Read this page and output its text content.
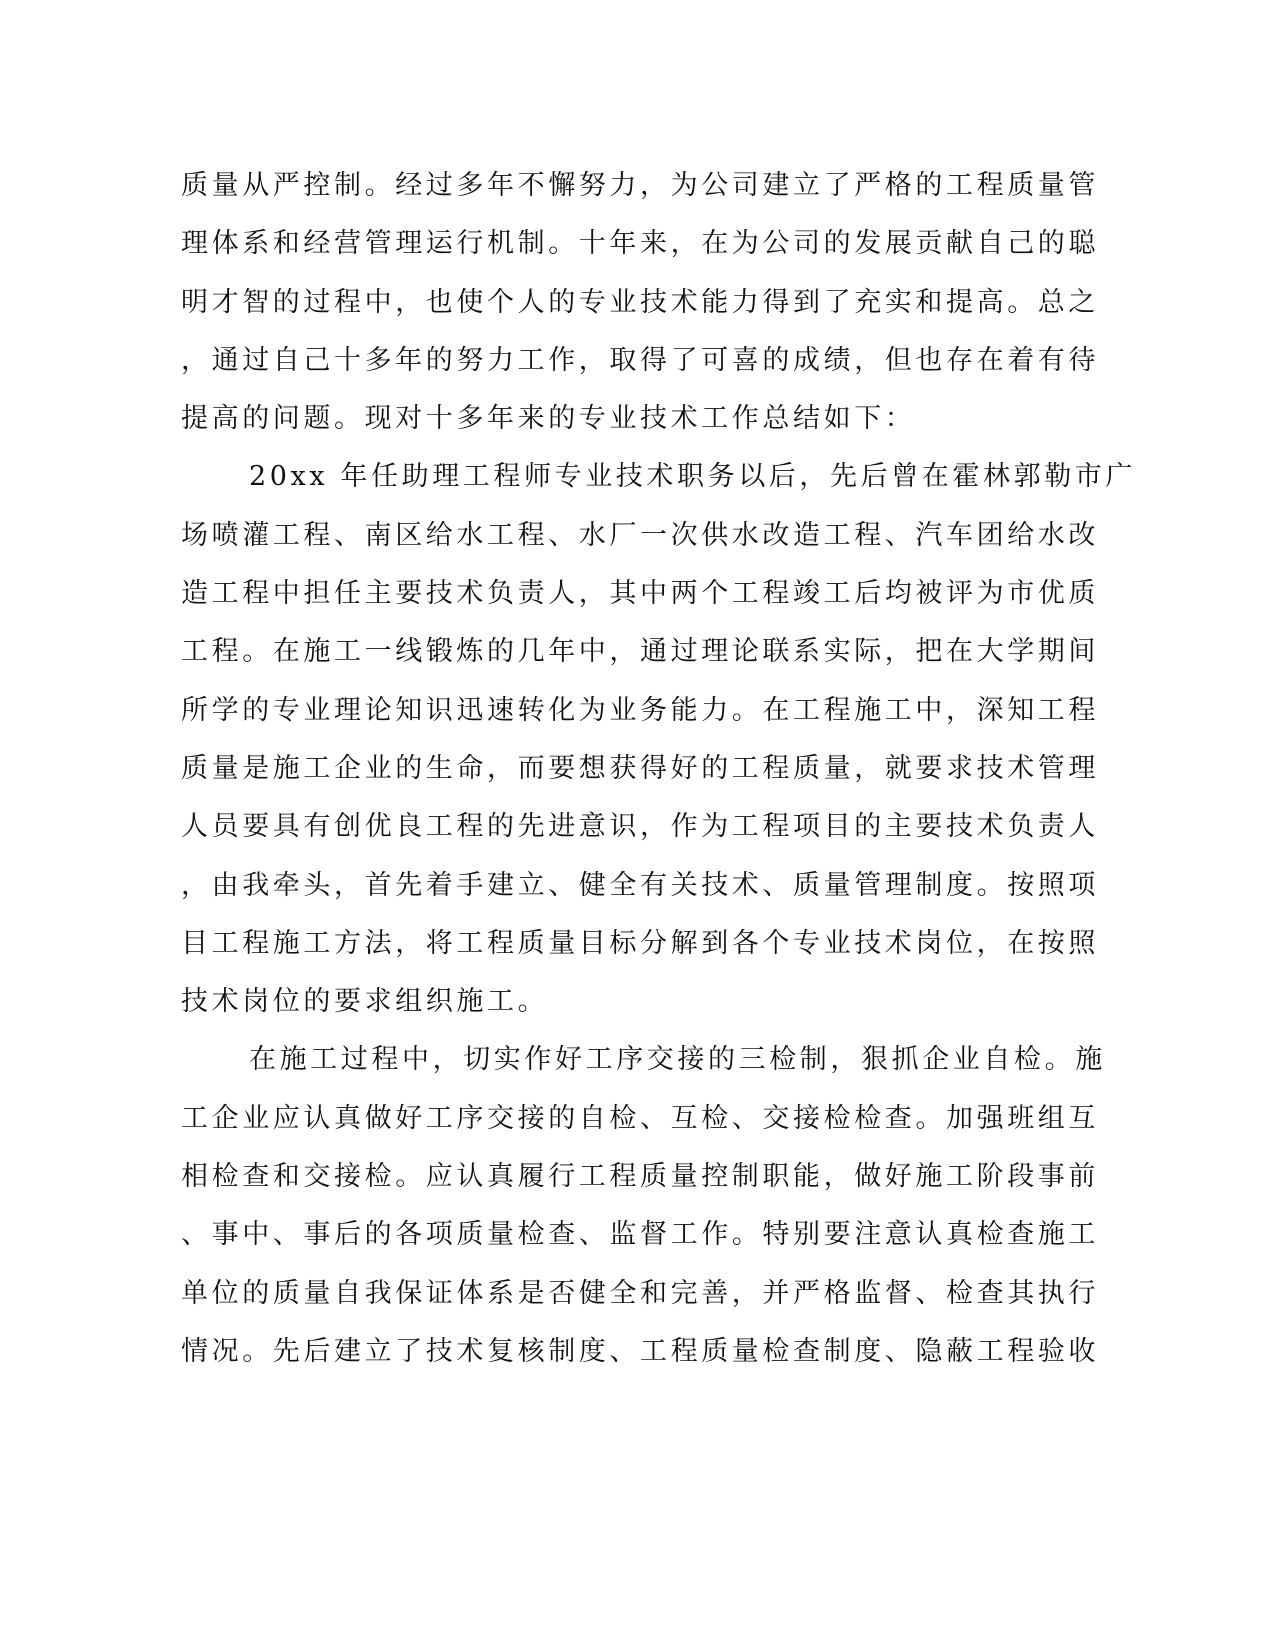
质量从严控制。经过多年不懈努力，为公司建立了严格的工程质量管
理体系和经营管理运行机制。十年来，在为公司的发展贡献自己的聪
明才智的过程中，也使个人的专业技术能力得到了充实和提高。总之
，通过自己十多年的努力工作，取得了可喜的成绩，但也存在着有待
提高的问题。现对十多年来的专业技术工作总结如下：
20xx 年任助理工程师专业技术职务以后，先后曾在霍林郭勒市广
场喷灌工程、南区给水工程、水厂一次供水改造工程、汽车团给水改
造工程中担任主要技术负责人，其中两个工程竣工后均被评为市优质
工程。在施工一线锻炼的几年中，通过理论联系实际，把在大学期间
所学的专业理论知识迅速转化为业务能力。在工程施工中，深知工程
质量是施工企业的生命，而要想获得好的工程质量，就要求技术管理
人员要具有创优良工程的先进意识，作为工程项目的主要技术负责人
，由我牵头，首先着手建立、健全有关技术、质量管理制度。按照项
目工程施工方法，将工程质量目标分解到各个专业技术岗位，在按照
技术岗位的要求组织施工。
在施工过程中，切实作好工序交接的三检制，狠抓企业自检。施
工企业应认真做好工序交接的自检、互检、交接检检查。加强班组互
相检查和交接检。应认真履行工程质量控制职能，做好施工阶段事前
、事中、事后的各项质量检查、监督工作。特别要注意认真检查施工
单位的质量自我保证体系是否健全和完善，并严格监督、检查其执行
情况。先后建立了技术复核制度、工程质量检查制度、隐蔽工程验收
